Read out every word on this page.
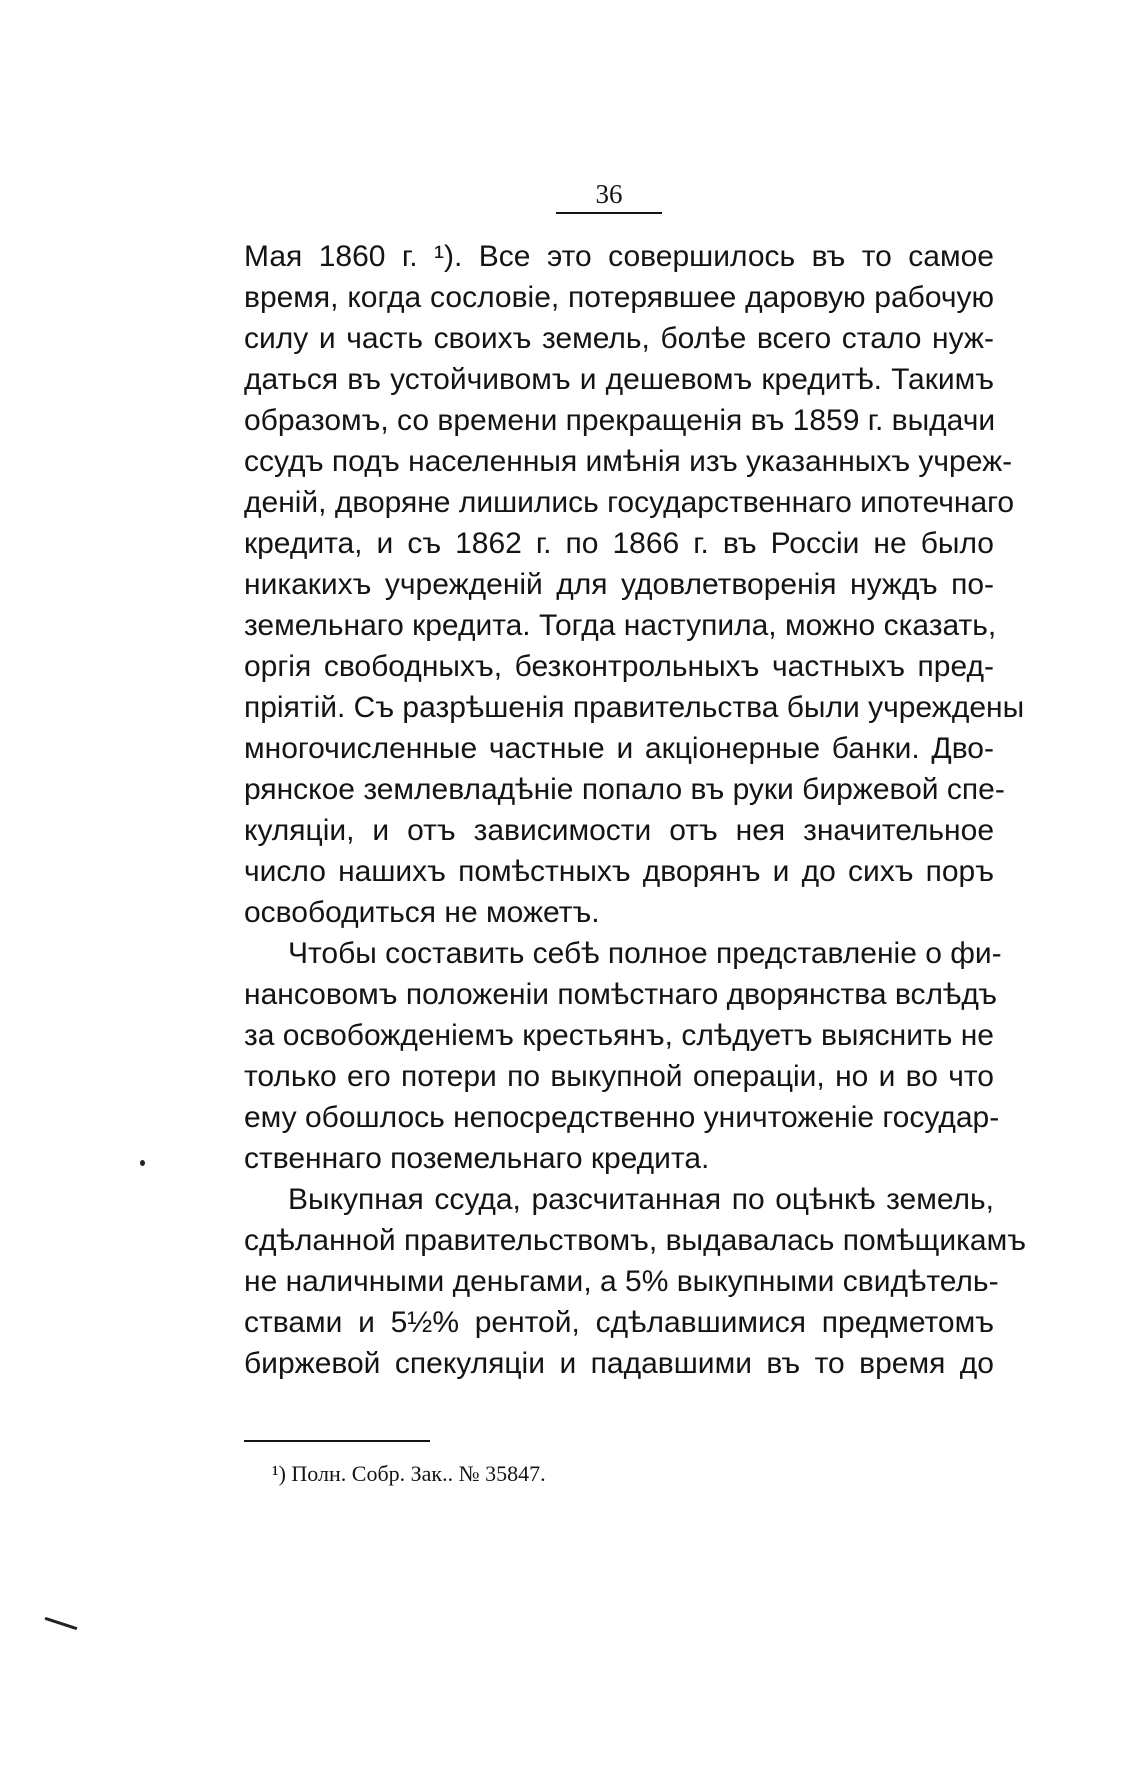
36
Мая 1860 г. ¹). Все это совершилось въ то самое
время, когда сословіе, потерявшее даровую рабочую
силу и часть своихъ земель, болѣе всего стало нуж-
даться въ устойчивомъ и дешевомъ кредитѣ. Такимъ
образомъ, со времени прекращенія въ 1859 г. выдачи
ссудъ подъ населенныя имѣнія изъ указанныхъ учреж-
деній, дворяне лишились государственнаго ипотечнаго
кредита, и съ 1862 г. по 1866 г. въ Россіи не было
никакихъ учрежденій для удовлетворенія нуждъ по-
земельнаго кредита. Тогда наступила, можно сказать,
оргія свободныхъ, безконтрольныхъ частныхъ пред-
пріятій. Съ разрѣшенія правительства были учреждены
многочисленные частные и акціонерные банки. Дво-
рянское землевладѣніе попало въ руки биржевой спе-
куляціи, и отъ зависимости отъ нея значительное
число нашихъ помѣстныхъ дворянъ и до сихъ поръ
освободиться не можетъ.
Чтобы составить себѣ полное представленіе о фи-
нансовомъ положеніи помѣстнаго дворянства вслѣдъ
за освобожденіемъ крестьянъ, слѣдуетъ выяснить не
только его потери по выкупной операціи, но и во что
ему обошлось непосредственно уничтоженіе государ-
ственнаго поземельнаго кредита.
Выкупная ссуда, разсчитанная по оцѣнкѣ земель,
сдѣланной правительствомъ, выдавалась помѣщикамъ
не наличными деньгами, а 5% выкупными свидѣтель-
ствами и 5½% рентой, сдѣлавшимися предметомъ
биржевой спекуляціи и падавшими въ то время до
¹) Полн. Собр. Зак.. № 35847.
